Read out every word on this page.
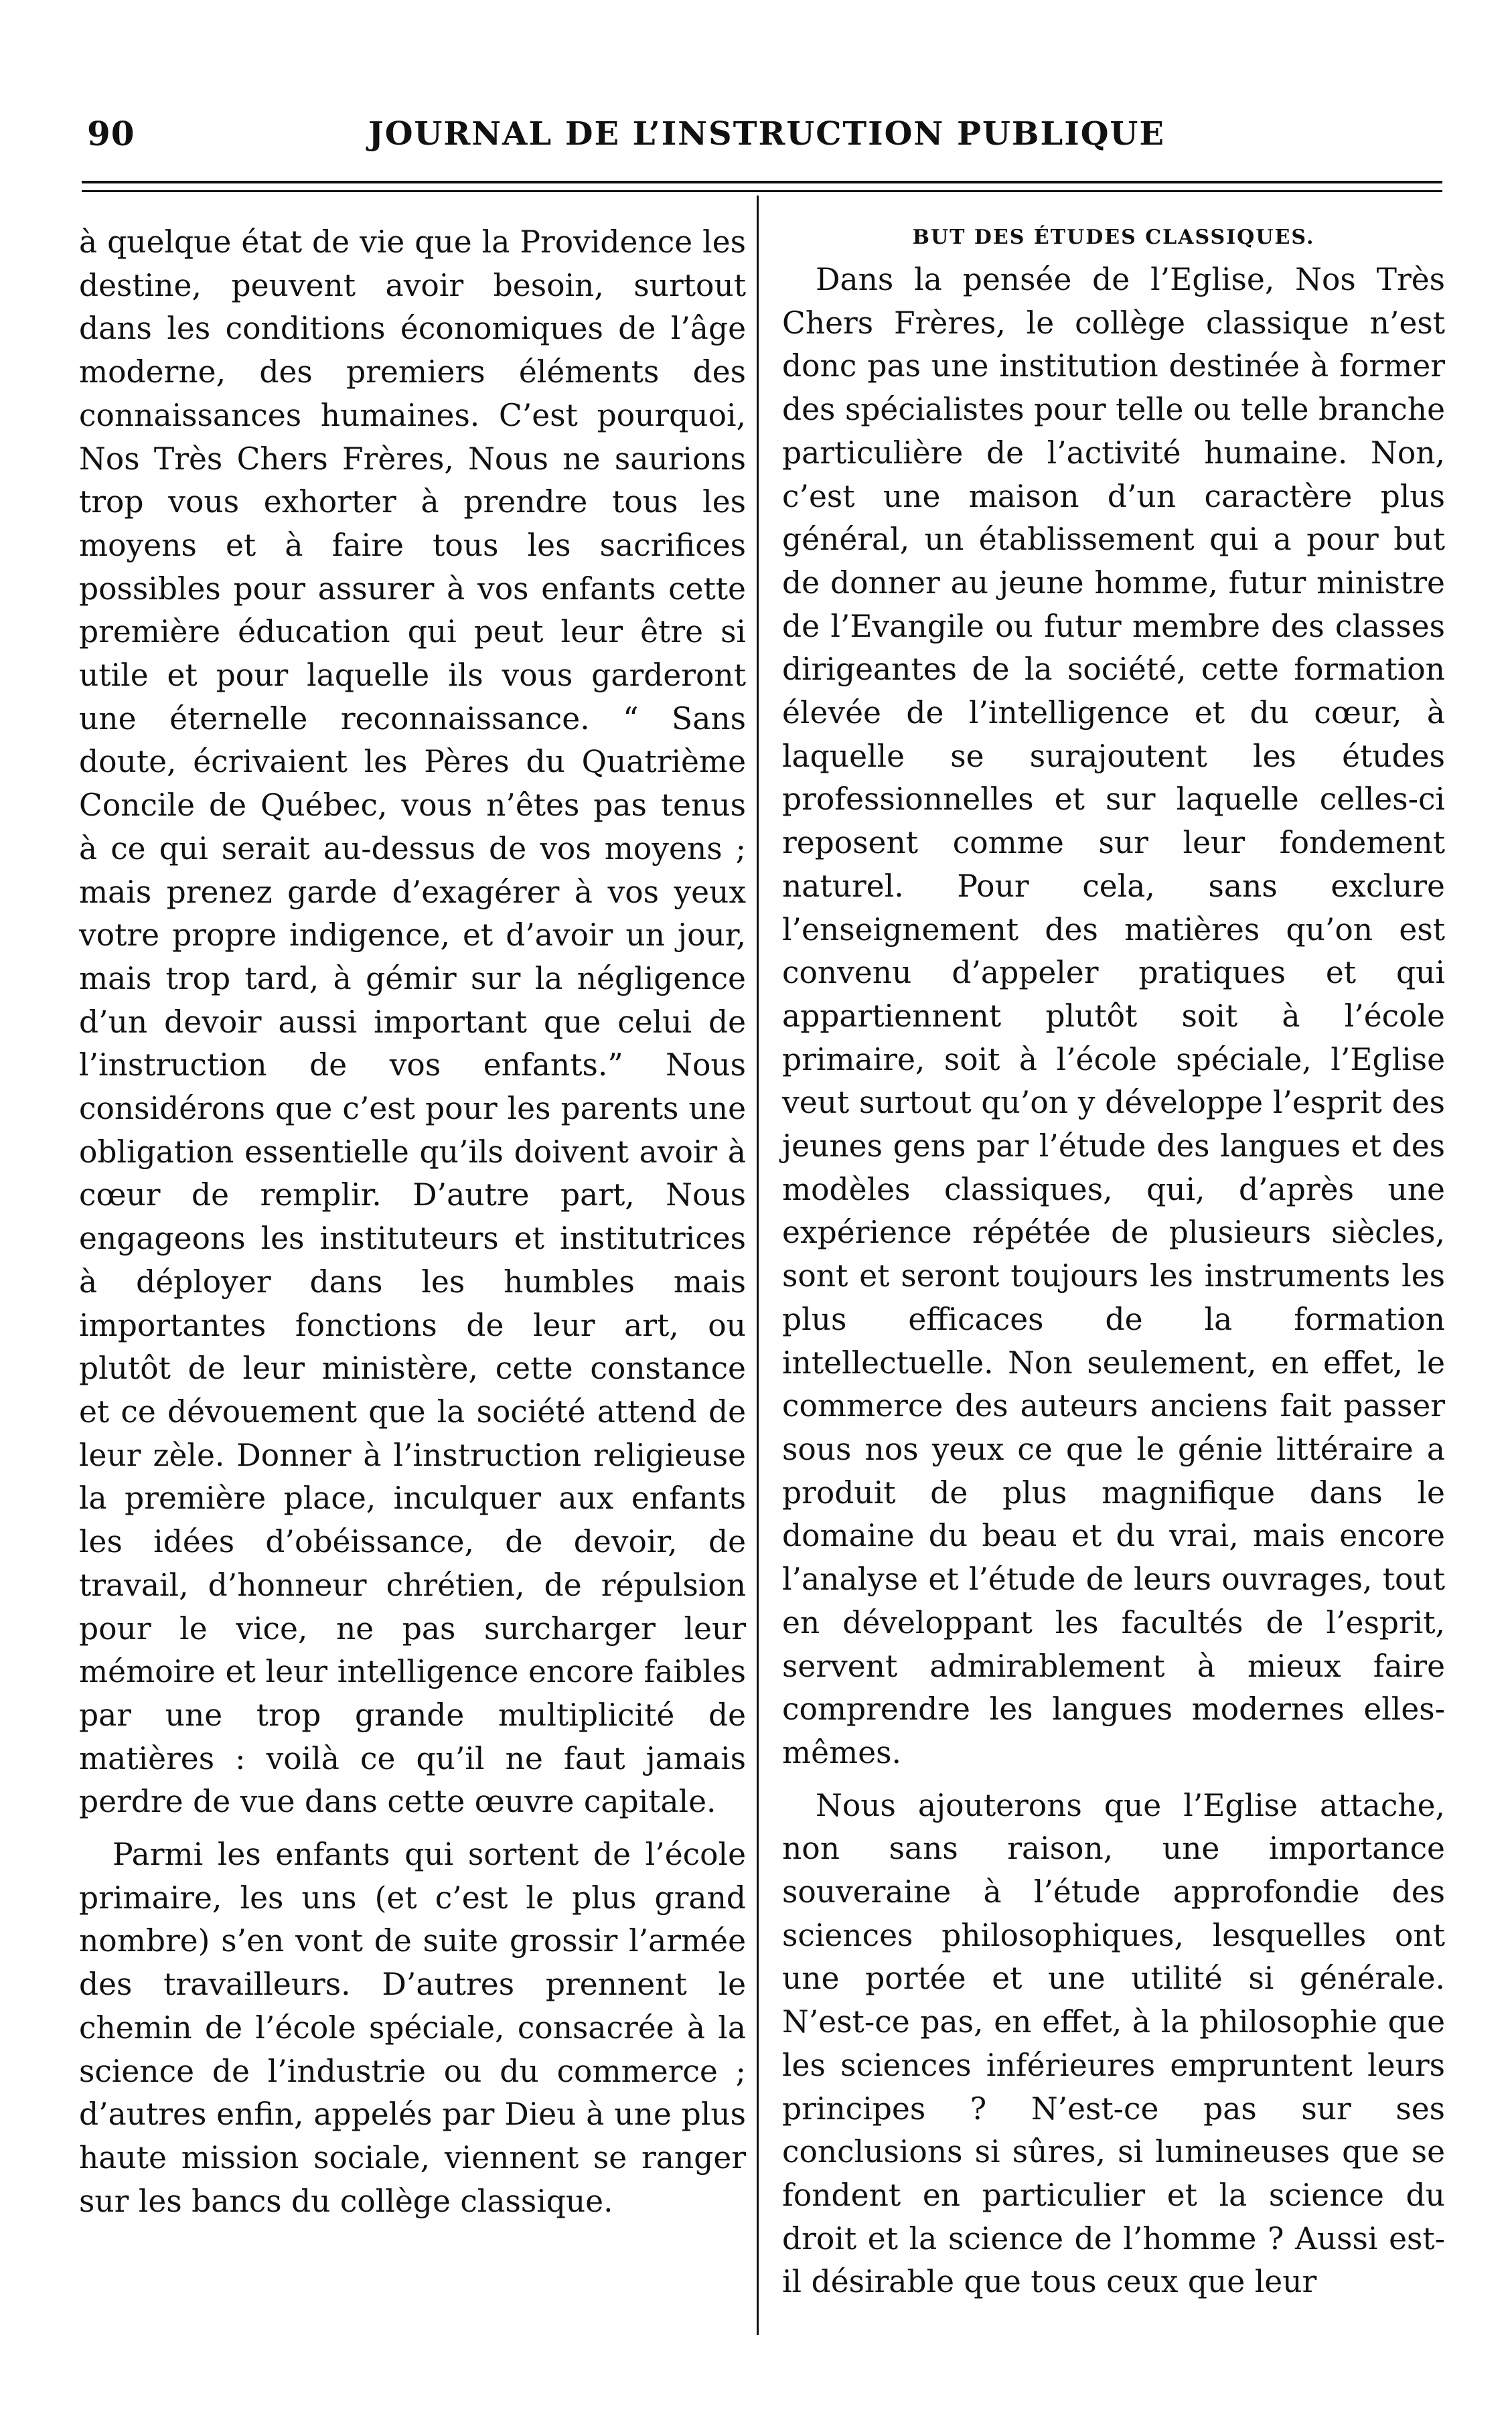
90	JOURNAL DE L’INSTRUCTION PUBLIQUE

à quelque état de vie que la Providence les destine, peuvent avoir besoin, surtout dans les conditions économiques de l’âge moderne, des premiers éléments des connaissances humaines. C’est pourquoi, Nos Très Chers Frères, Nous ne saurions trop vous exhorter à prendre tous les moyens et à faire tous les sacrifices possibles pour assurer à vos enfants cette première éducation qui peut leur être si utile et pour laquelle ils vous garderont une éternelle reconnaissance. “ Sans doute, écrivaient les Pères du Quatrième Concile de Québec, vous n’êtes pas tenus à ce qui serait au-dessus de vos moyens ; mais prenez garde d’exagérer à vos yeux votre propre indigence, et d’avoir un jour, mais trop tard, à gémir sur la négligence d’un devoir aussi important que celui de l’instruction de vos enfants.” Nous considérons que c’est pour les parents une obligation essentielle qu’ils doivent avoir à cœur de remplir. D’autre part, Nous engageons les instituteurs et institutrices à déployer dans les humbles mais importantes fonctions de leur art, ou plutôt de leur ministère, cette constance et ce dévouement que la société attend de leur zèle. Donner à l’instruction religieuse la première place, inculquer aux enfants les idées d’obéissance, de devoir, de travail, d’honneur chrétien, de répulsion pour le vice, ne pas surcharger leur mémoire et leur intelligence encore faibles par une trop grande multiplicité de matières : voilà ce qu’il ne faut jamais perdre de vue dans cette œuvre capitale.

Parmi les enfants qui sortent de l’école primaire, les uns (et c’est le plus grand nombre) s’en vont de suite grossir l’armée des travailleurs. D’autres prennent le chemin de l’école spéciale, consacrée à la science de l’industrie ou du commerce ; d’autres enfin, appelés par Dieu à une plus haute mission sociale, viennent se ranger sur les bancs du collège classique.

BUT DES ÉTUDES CLASSIQUES.

Dans la pensée de l’Eglise, Nos Très Chers Frères, le collège classique n’est donc pas une institution destinée à former des spécialistes pour telle ou telle branche particulière de l’activité humaine. Non, c’est une maison d’un caractère plus général, un établissement qui a pour but de donner au jeune homme, futur ministre de l’Evangile ou futur membre des classes dirigeantes de la société, cette formation élevée de l’intelligence et du cœur, à laquelle se surajoutent les études professionnelles et sur laquelle celles-ci reposent comme sur leur fondement naturel. Pour cela, sans exclure l’enseignement des matières qu’on est convenu d’appeler pratiques et qui appartiennent plutôt soit à l’école primaire, soit à l’école spéciale, l’Eglise veut surtout qu’on y développe l’esprit des jeunes gens par l’étude des langues et des modèles classiques, qui, d’après une expérience répétée de plusieurs siècles, sont et seront toujours les instruments les plus efficaces de la formation intellectuelle. Non seulement, en effet, le commerce des auteurs anciens fait passer sous nos yeux ce que le génie littéraire a produit de plus magnifique dans le domaine du beau et du vrai, mais encore l’analyse et l’étude de leurs ouvrages, tout en développant les facultés de l’esprit, servent admirablement à mieux faire comprendre les langues modernes elles-mêmes.

Nous ajouterons que l’Eglise attache, non sans raison, une importance souveraine à l’étude approfondie des sciences philosophiques, lesquelles ont une portée et une utilité si générale. N’est-ce pas, en effet, à la philosophie que les sciences inférieures empruntent leurs principes ? N’est-ce pas sur ses conclusions si sûres, si lumineuses que se fondent en particulier et la science du droit et la science de l’homme ? Aussi est-il désirable que tous ceux que leur
